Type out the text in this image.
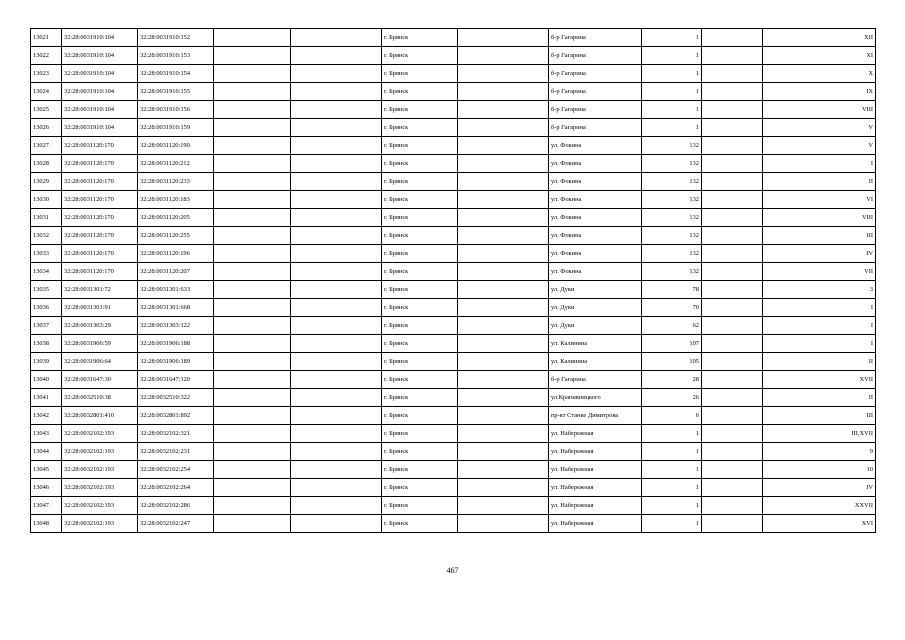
13021	32:28:0031910:104	32:28:0031910:152			г. Брянск		б-р Гагарина	1		XII
13022	32:28:0031910:104	32:28:0031910:153			г. Брянск		б-р Гагарина	1		XI
13023	32:28:0031910:104	32:28:0031910:154			г. Брянск		б-р Гагарина	1		X
13024	32:28:0031910:104	32:28:0031910:155			г. Брянск		б-р Гагарина	1		IX
13025	32:28:0031910:104	32:28:0031910:156			г. Брянск		б-р Гагарина	1		VIII
13026	32:28:0031910:104	32:28:0031910:159			г. Брянск		б-р Гагарина	1		V
13027	32:28:0031120:170	32:28:0031120:190			г. Брянск		ул. Фокина	132		V
13028	32:28:0031120:170	32:28:0031120:212			г. Брянск		ул. Фокина	132		I
13029	32:28:0031120:170	32:28:0031120:233			г. Брянск		ул. Фокина	132		II
13030	32:28:0031120:170	32:28:0031120:183			г. Брянск		ул. Фокина	132		VI
13031	32:28:0031120:170	32:28:0031120:205			г. Брянск		ул. Фокина	132		VIII
13032	32:28:0031120:170	32:28:0031120:255			г. Брянск		ул. Фокина	132		III
13033	32:28:0031120:170	32:28:0031120:196			г. Брянск		ул. Фокина	132		IV
13034	32:28:0031120:170	32:28:0031120:207			г. Брянск		ул. Фокина	132		VII
13035	32:28:0031301:72	32:28:0031301:633			г. Брянск		ул. Дуки	78		3
13036	32:28:0031301:91	32:28:0031301:668			г. Брянск		ул. Дуки	70		I
13037	32:28:0031303:29	32:28:0031303:122			г. Брянск		ул. Дуки	62		I
13038	32:28:0031906:59	32:28:0031906:188			г. Брянск		ул. Калинина	107		I
13039	32:28:0031906:64	32:28:0031906:189			г. Брянск		ул. Калинина	105		II
13040	32:28:0031647:30	32:28:0031647:120			г. Брянск		б-р Гагарина	28		XVII
13041	32:28:0032510:38	32:28:0032510:322			г. Брянск		ул.Крапивницкого	26		II
13042	32:28:0032801:410	32:28:0032801:892			г. Брянск		пр-кт Станке Димитрова	6		III
13043	32:28:0032102:193	32:28:0032102:321			г. Брянск		ул. Набережная	1		III,XVII
13044	32:28:0032102:193	32:28:0032102:231			г. Брянск		ул. Набережная	1		9
13045	32:28:0032102:193	32:28:0032102:254			г. Брянск		ул. Набережная	1		10
13046	32:28:0032102:193	32:28:0032102:264			г. Брянск		ул. Набережная	1		IV
13047	32:28:0032102:193	32:28:0032102:286			г. Брянск		ул. Набережная	1		XXVII
13048	32:28:0032102:193	32:28:0032102:247			г. Брянск		ул. Набережная	1		XVI
467
